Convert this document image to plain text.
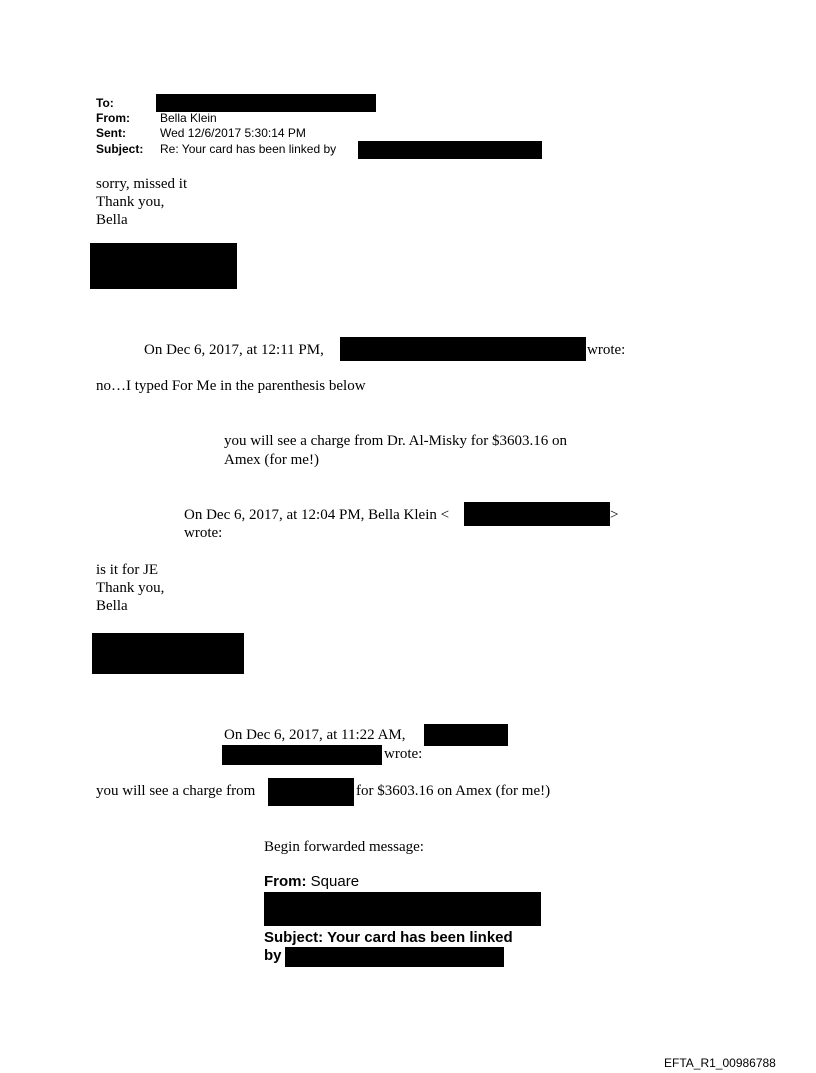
To:
From:	Bella Klein
Sent:	Wed 12/6/2017 5:30:14 PM
Subject: Re: Your card has been linked by
sorry, missed it
Thank you,
Bella
On Dec 6, 2017, at 12:11 PM,	wrote:
no…I typed For Me in the parenthesis below
you will see a charge from Dr. Al-Misky for $3603.16 on
Amex (for me!)
On Dec 6, 2017, at 12:04 PM, Bella Klein <	>
wrote:
is it for JE
Thank you,
Bella
On Dec 6, 2017, at 11:22 AM,
wrote:
you will see a charge from	for $3603.16 on Amex (for me!)
Begin forwarded message:
From: Square
Subject: Your card has been linked
by
EFTA_R1_00986788
